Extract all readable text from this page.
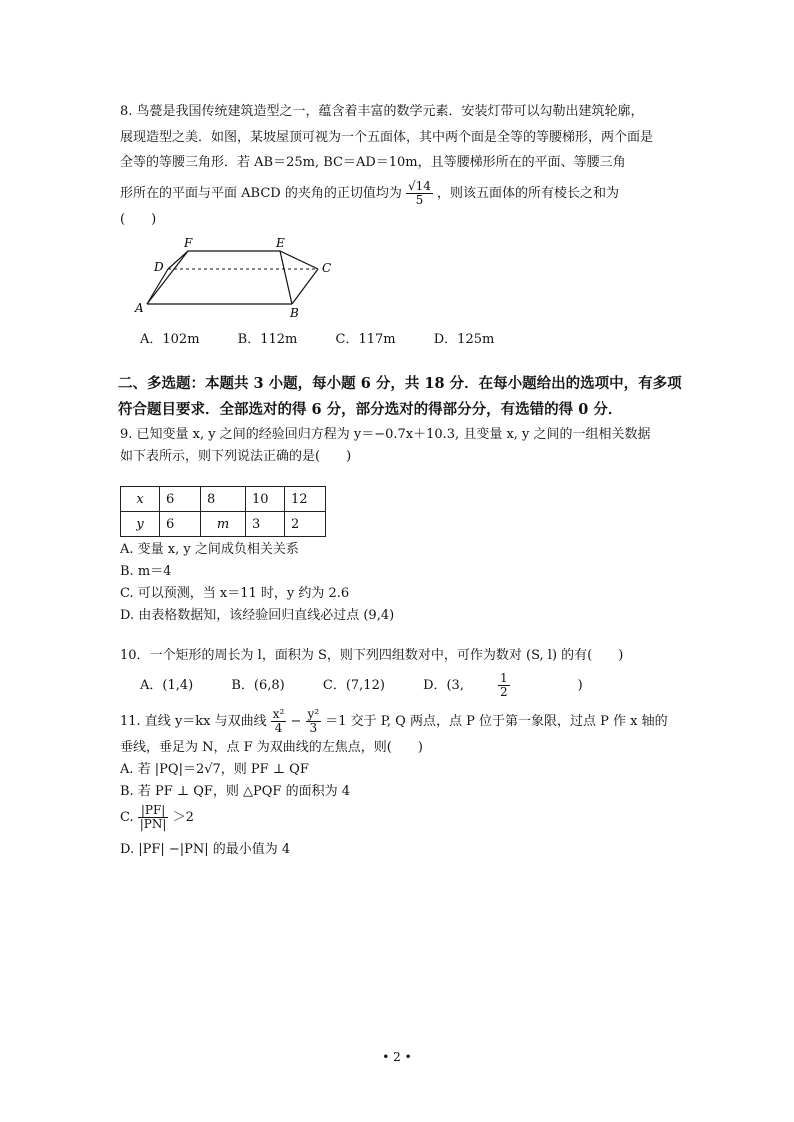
8. 鸟甍是我国传统建筑造型之一，蕴含着丰富的数学元素．安装灯带可以勾勒出建筑轮廓，
展现造型之美．如图，某坡屋顶可视为一个五面体，其中两个面是全等的等腰梯形，两个面是
全等的等腰三角形．若 AB＝25m, BC＝AD＝10m，且等腰梯形所在的平面、等腰三角
形所在的平面与平面 ABCD 的夹角的正切值均为 $\frac{√14}{5}$ ，则该五面体的所有棱长之和为
(　　)
F	E
D	C
A	B
A．102m	B．112m	C．117m	D．125m
二、多选题：本题共 3 小题，每小题 6 分，共 18 分．在每小题给出的选项中，有多项
符合题目要求．全部选对的得 6 分，部分选对的得部分分，有选错的得 0 分．
9. 已知变量 x, y 之间的经验回归方程为 y＝−0.7x＋10.3, 且变量 x, y 之间的一组相关数据
如下表所示，则下列说法正确的是(　　)
x	6	8	10	12
y	6	m	3	2
A. 变量 x, y 之间成负相关关系
B. m＝4
C. 可以预测，当 x＝11 时，y 约为 2.6
D. 由表格数据知，该经验回归直线必过点 (9,4)
10．一个矩形的周长为 l，面积为 S，则下列四组数对中，可作为数对 (S, l) 的有(　　)
A．(1,4)	B．(6,8)	C．(7,12)	D．(3,	$\frac{1}{2}$	)
11. 直线 y＝kx 与双曲线 $\frac{\text{x²}}{4} - \frac{\text{y²}}{3} =1$ 交于 P, Q 两点，点 P 位于第一象限，过点 P 作 x 轴的
垂线，垂足为 N，点 F 为双曲线的左焦点，则(　　)
A. 若 |PQ|＝2√7，则 PF ⊥ QF
B. 若 PF ⊥ QF，则 △PQF 的面积为 4
C. $\frac{|PF|}{|PN|} >2$
D. |PF| −|PN| 的最小值为 4
• 2 •
